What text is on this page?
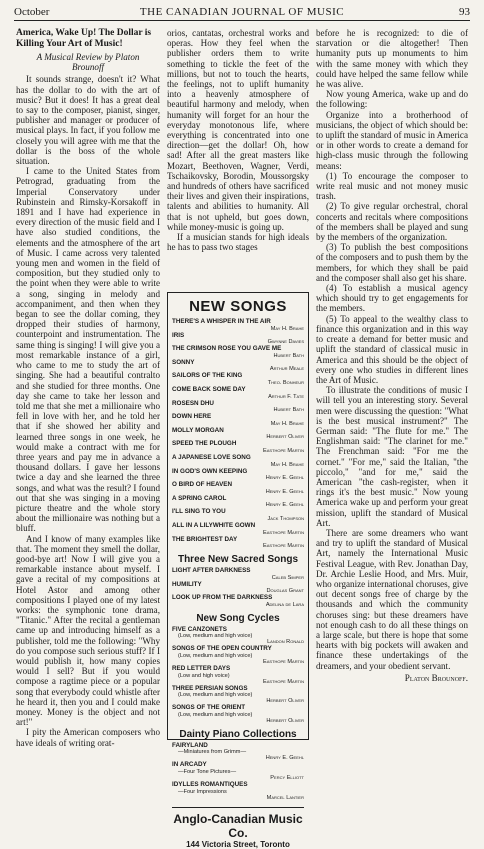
October	THE CANADIAN JOURNAL OF MUSIC	93
America, Wake Up! The Dollar is Killing Your Art of Music!
A Musical Review by Platon
Brounoff

It sounds strange, doesn't it? What has the dollar to do with the art of music? But it does! It has a great deal to say to the composer, pianist, singer, publisher and manager or producer of musical plays. In fact, if you follow me closely you will agree with me that the dollar is the boss of the whole situation.

I came to the United States from Petrograd, graduating from the Imperial Conservatory under Rubinstein and Rimsky-Korsakoff in 1891 and I have had experience in every direction of the music field and I have also studied conditions, the elements and the atmosphere of the art of Music. I came across very talented young men and women in the field of composition, but they studied only to the point when they were able to write a song, singing in melody and accompaniment, and then when they began to see the dollar coming, they dropped their studies of harmony, counterpoint and instrumentation. The same thing is singing! I will give you a most remarkable instance of a girl, who came to me to study the art of singing. She had a beautiful contralto and she studied for three months. One day she came to take her lesson and told me that she met a millionaire who fell in love with her, and he told her that if she showed her ability and learned three songs in one week, he would make a contract with me for three years and pay me in advance a thousand dollars. I gave her lessons twice a day and she learned the three songs, and what was the result? I found out that she was singing in a moving picture theatre and the whole story about the millionaire was nothing but a bluff.

And I know of many examples like that. The moment they smell the dollar, good-bye art! Now I will give you a remarkable instance about myself. I gave a recital of my compositions at Hotel Astor and among other compositions I played one of my latest works: the symphonic tone drama, "Titanic." After the recital a gentleman came up and introducing himself as a publisher, told me the following: "Why do you compose such serious stuff? If I would publish it, how many copies would I sell? But if you would compose a ragtime piece or a popular song that everybody could whistle after he heard it, then you and I could make money. Money is the object and not art!"

I pity the American composers who have ideals of writing orat-

orios, cantatas, orchestral works and operas. How they feel when the publisher orders them to write something to tickle the feet of the millions, but not to touch the hearts, the feelings, not to uplift humanity into a heavenly atmosphere of beautiful harmony and melody, when humanity will forget for an hour the everyday monotonous life, where everything is concentrated into one direction—get the dollar! Oh, how sad! After all the great masters like Mozart, Beethoven, Wagner, Verdi, Tschaikovsky, Borodin, Moussorgsky and hundreds of others have sacrificed their lives and given their inspirations, talents and abilities to humanity. All that is not upheld, but goes down, while money-music is going up.

If a musician stands for high ideals he has to pass two stages

NEW SONGS
THERE'S A WHISPER IN THE AIR
May H. Brahe
IRIS
Gwynne Davies
THE CRIMSON ROSE YOU GAVE ME
Hubert Bath
SONNY
Arthur Meale
SAILORS OF THE KING
Theo. Bonheur
COME BACK SOME DAY
Arthur F. Tate
ROSESN DHU
Hubert Bath
DOWN HERE
May H. Brahe
MOLLY MORGAN
Herbert Oliver
SPEED THE PLOUGH
Easthope Martin
A JAPANESE LOVE SONG
May H. Brahe
IN GOD'S OWN KEEPING
Henry E. Geehl
O BIRD OF HEAVEN
Henry E. Geehl
A SPRING CAROL
Henry E. Geehl
I'LL SING TO YOU
Jack Thompson
ALL IN A LILYWHITE GOWN
Easthope Martin
THE BRIGHTEST DAY
Easthope Martin
Three New Sacred Songs
LIGHT AFTER DARKNESS
Caleb Simper
HUMILITY
Douglas Grant
LOOK UP FROM THE DARKNESS
Adelina de Lara
New Song Cycles
FIVE CANZONETS
(Low, medium and high voice)
Landon Ronald
SONGS OF THE OPEN COUNTRY
(Low, medium and high voice)
Easthope Martin
RED LETTER DAYS
(Low and high voice)
Easthope Martin
THREE PERSIAN SONGS
(Low, medium and high voice)
Herbert Oliver
SONGS OF THE ORIENT
(Low, medium and high voice)
Herbert Oliver
Dainty Piano Collections
FAIRYLAND
—Miniatures from Grimm—
Henry E. Geehl
IN ARCADY
—Four Tone Pictures—
Percy Elliott
IDYLLES ROMANTIQUES
—Four Impressions
Marcel Lantier
Anglo-Canadian Music Co.
144 Victoria Street, Toronto

before he is recognized: to die of starvation or die altogether! Then humanity puts up monuments to him with the same money with which they could have helped the same fellow while he was alive.

Now young America, wake up and do the following:

Organize into a brotherhood of musicians, the object of which should be: to uplift the standard of music in America or in other words to create a demand for high-class music through the following means:

(1) To encourage the composer to write real music and not money music trash.

(2) To give regular orchestral, choral concerts and recitals where compositions of the members shall be played and sung by the members of the organization.

(3) To publish the best compositions of the composers and to push them by the members, for which they shall be paid and the composer shall also get his share.

(4) To establish a musical agency which should try to get engagements for the members.

(5) To appeal to the wealthy class to finance this organization and in this way to create a demand for better music and uplift the standard of classical music in America and this should be the object of every one who studies in different lines the Art of Music.

To illustrate the conditions of music I will tell you an interesting story. Several men were discussing the question: "What is the best musical instrument?" The German said: "The flute for me." The Englishman said: "The clarinet for me." The Frenchman said: "For me the cornet." "For me," said the Italian, "the piccolo," "and for me," said the American "the cash-register, when it rings it's the best music." Now young America wake up and perform your great mission, uplift the standard of Musical Art.

There are some dreamers who want and try to uplift the standard of Musical Art, namely the International Music Festival League, with Rev. Jonathan Day, Dr. Archie Leslie Hood, and Mrs. Muir, who organize international choruses, give out decent songs free of charge by the thousands and which the community choruses sing: but these dreamers have not enough cash to do all these things on a large scale, but there is hope that some hearts with big pockets will awaken and finance these undertakings of the dreamers, and your obedient servant.

Platon Brounoff.
